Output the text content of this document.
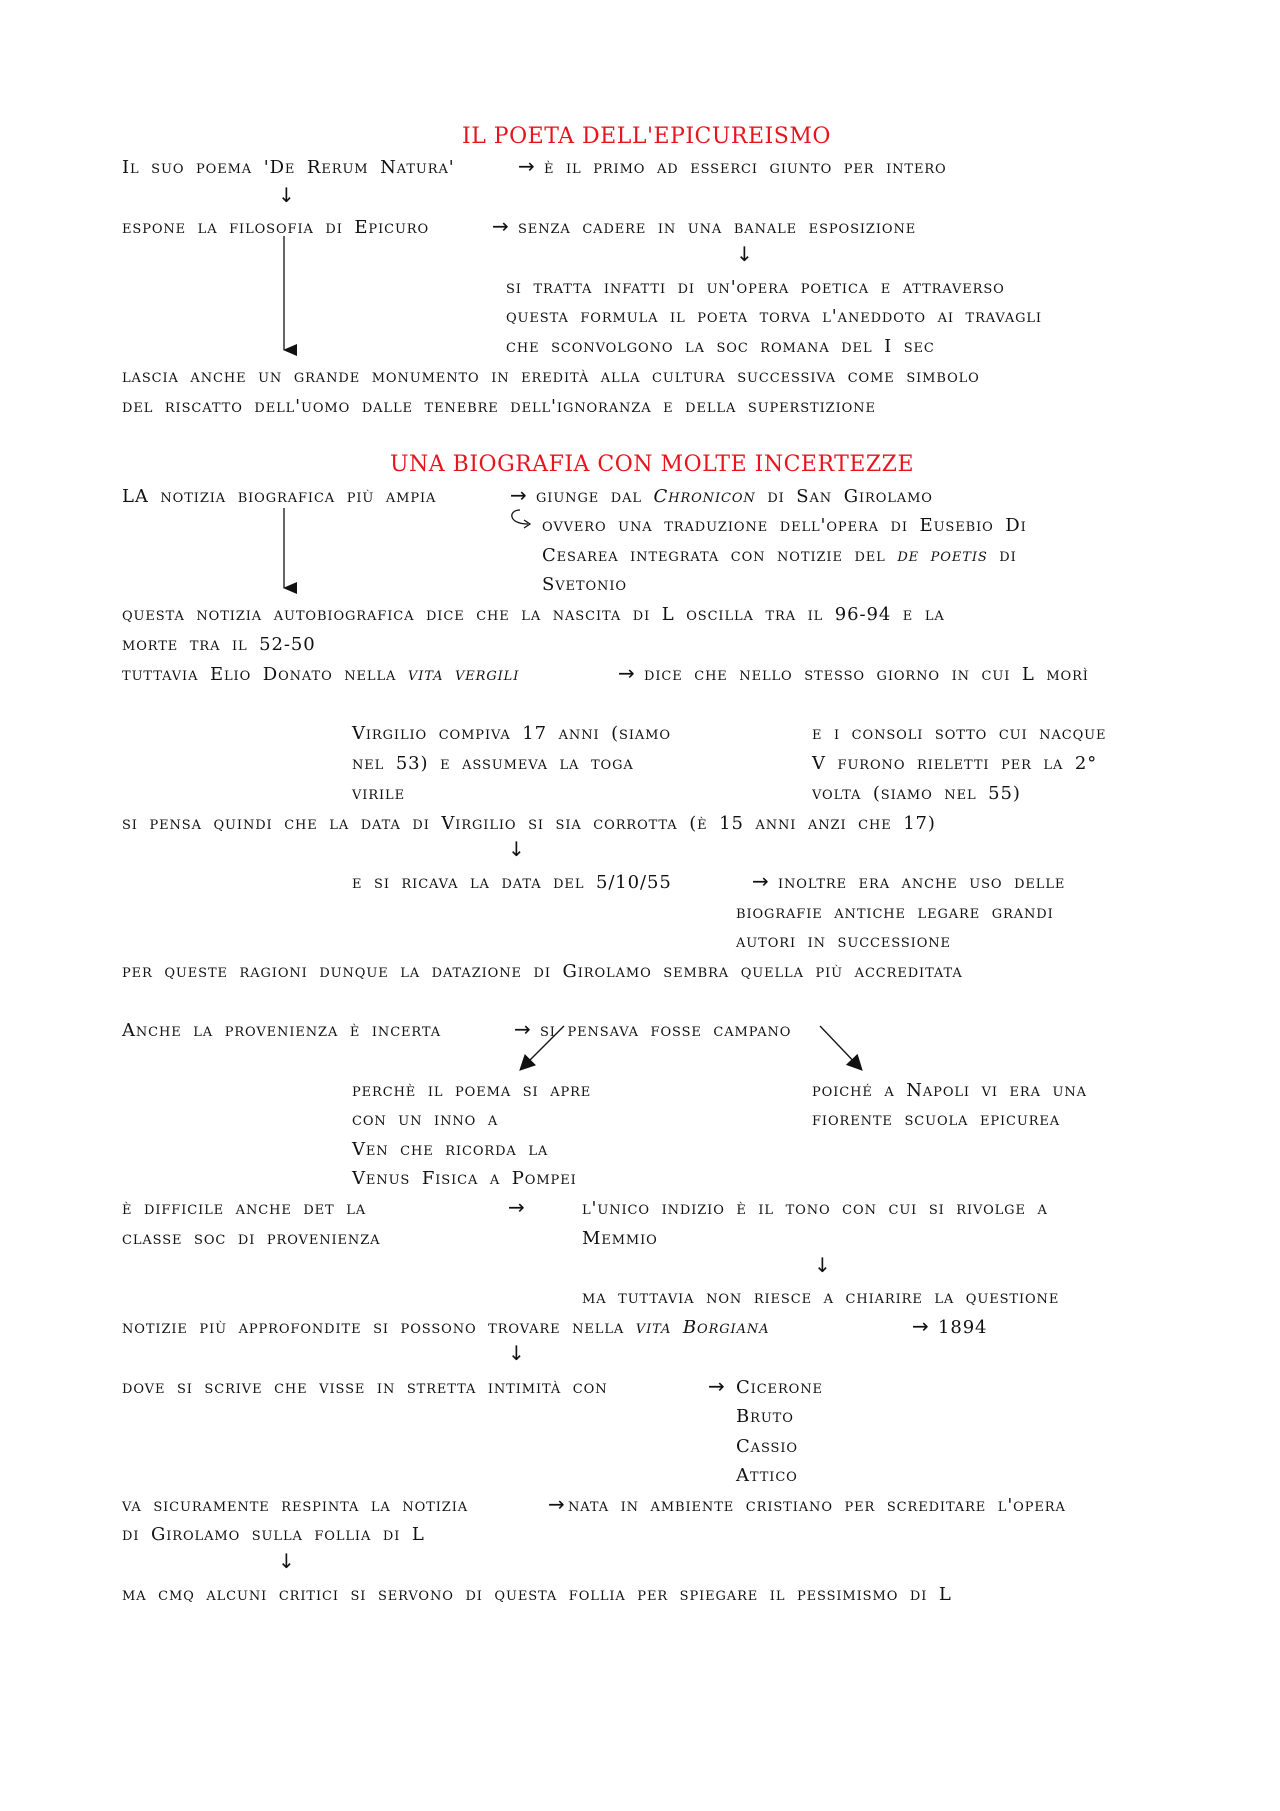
IL POETA DELL'EPICUREISMO
Il suo poema 'De Rerum Natura'	→ è il primo ad esserci giunto per intero
↓
espone la filosofia di Epicuro	→ senza cadere in una banale esposizione
↓
si tratta infatti di un'opera poetica e attraverso
questa formula il poeta torva l'aneddoto ai travagli
che sconvolgono la soc romana del I sec
lascia anche un grande monumento in eredità alla cultura successiva come simbolo
del riscatto dell'uomo dalle tenebre dell'ignoranza e della superstizione
UNA BIOGRAFIA CON MOLTE INCERTEZZE
LA notizia biografica più ampia	→ giunge dal Chronicon di San Girolamo
ovvero una traduzione dell'opera di Eusebio Di
Cesarea integrata con notizie del de poetis di
Svetonio
questa notizia autobiografica dice che la nascita di L oscilla tra il 96-94 e la
morte tra il 52-50
tuttavia Elio Donato nella vita vergili	→ dice che nello stesso giorno in cui L morì
Virgilio compiva 17 anni (siamo
nel 53) e assumeva la toga
virile
e i consoli sotto cui nacque
V furono rieletti per la 2°
volta (siamo nel 55)
si pensa quindi che la data di Virgilio si sia corrotta (è 15 anni anzi che 17)
↓
e si ricava la data del 5/10/55	→ inoltre era anche uso delle
biografie antiche legare grandi
autori in successione
per queste ragioni dunque la datazione di Girolamo sembra quella più accreditata
Anche la provenienza è incerta	→ si pensava fosse campano
perchè il poema si apre
con un inno a
Ven che ricorda la
Venus Fisica a Pompei
poiché a Napoli vi era una
fiorente scuola epicurea
è difficile anche det la
classe soc di provenienza
→	l'unico indizio è il tono con cui si rivolge a
Memmio
↓
ma tuttavia non riesce a chiarire la questione
notizie più approfondite si possono trovare nella vita Borgiana	→ 1894
↓
dove si scrive che visse in stretta intimità con	→ Cicerone
Bruto
Cassio
Attico
va sicuramente respinta la notizia	→ nata in ambiente cristiano per screditare l'opera
di Girolamo sulla follia di L
↓
ma cmq alcuni critici si servono di questa follia per spiegare il pessimismo di L
